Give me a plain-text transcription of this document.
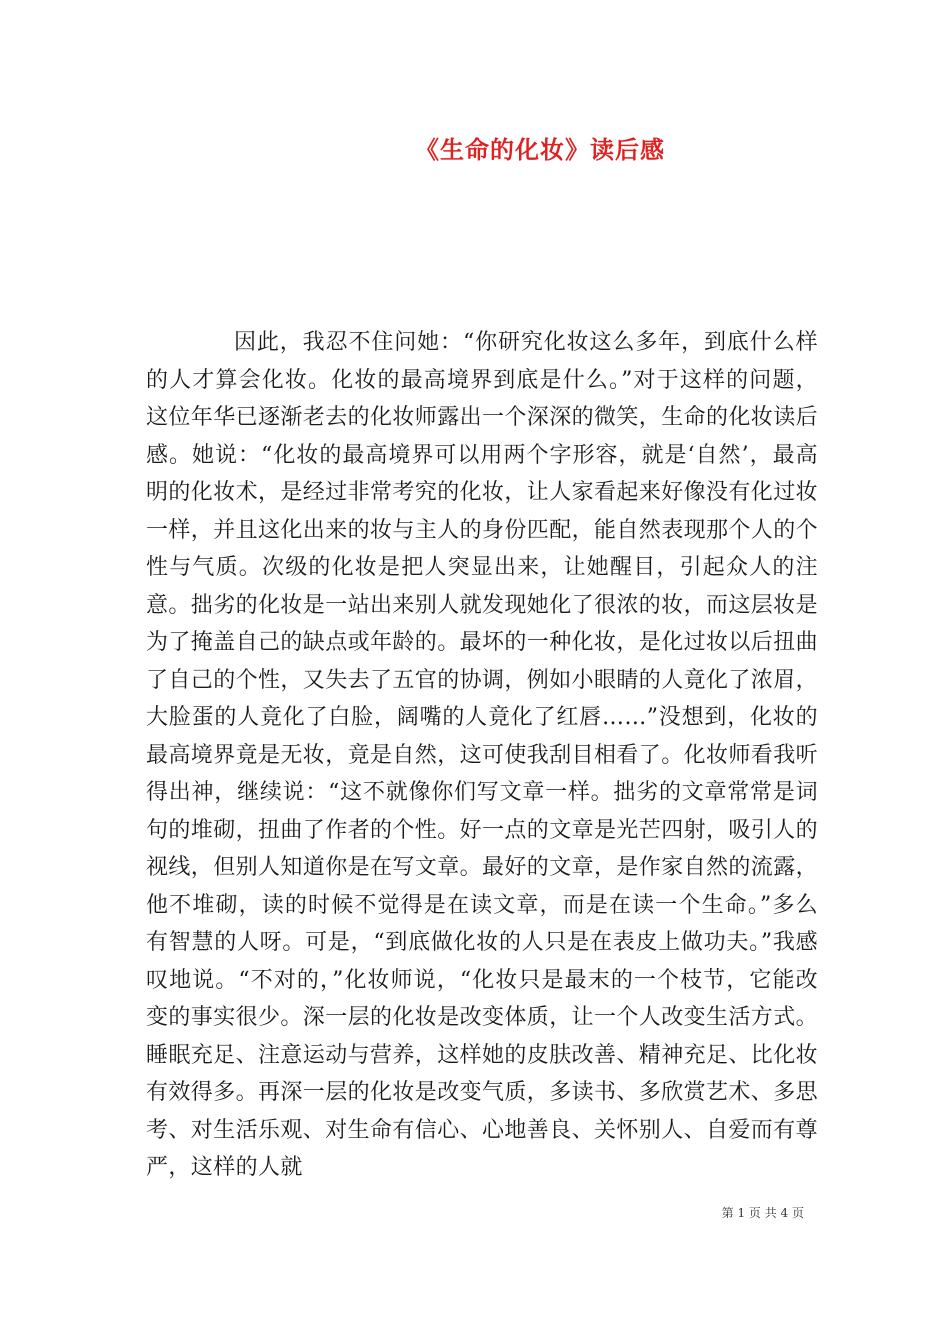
《生命的化妆》读后感

因此，我忍不住问她：“你研究化妆这么多年，到底什么样的人才算会化妆。化妆的最高境界到底是什么。”对于这样的问题，这位年华已逐渐老去的化妆师露出一个深深的微笑，生命的化妆读后感。她说：“化妆的最高境界可以用两个字形容，就是‘自然’，最高明的化妆术，是经过非常考究的化妆，让人家看起来好像没有化过妆一样，并且这化出来的妆与主人的身份匹配，能自然表现那个人的个性与气质。次级的化妆是把人突显出来，让她醒目，引起众人的注意。拙劣的化妆是一站出来别人就发现她化了很浓的妆，而这层妆是为了掩盖自己的缺点或年龄的。最坏的一种化妆，是化过妆以后扭曲了自己的个性，又失去了五官的协调，例如小眼睛的人竟化了浓眉，大脸蛋的人竟化了白脸，阔嘴的人竟化了红唇……”没想到，化妆的最高境界竟是无妆，竟是自然，这可使我刮目相看了。化妆师看我听得出神，继续说：“这不就像你们写文章一样。拙劣的文章常常是词句的堆砌，扭曲了作者的个性。好一点的文章是光芒四射，吸引人的视线，但别人知道你是在写文章。最好的文章，是作家自然的流露，他不堆砌，读的时候不觉得是在读文章，而是在读一个生命。”多么有智慧的人呀。可是，“到底做化妆的人只是在表皮上做功夫。”我感叹地说。“不对的，”化妆师说，“化妆只是最末的一个枝节，它能改变的事实很少。深一层的化妆是改变体质，让一个人改变生活方式。睡眠充足、注意运动与营养，这样她的皮肤改善、精神充足、比化妆有效得多。再深一层的化妆是改变气质，多读书、多欣赏艺术、多思考、对生活乐观、对生命有信心、心地善良、关怀别人、自爱而有尊严，这样的人就

第 1 页 共 4 页
